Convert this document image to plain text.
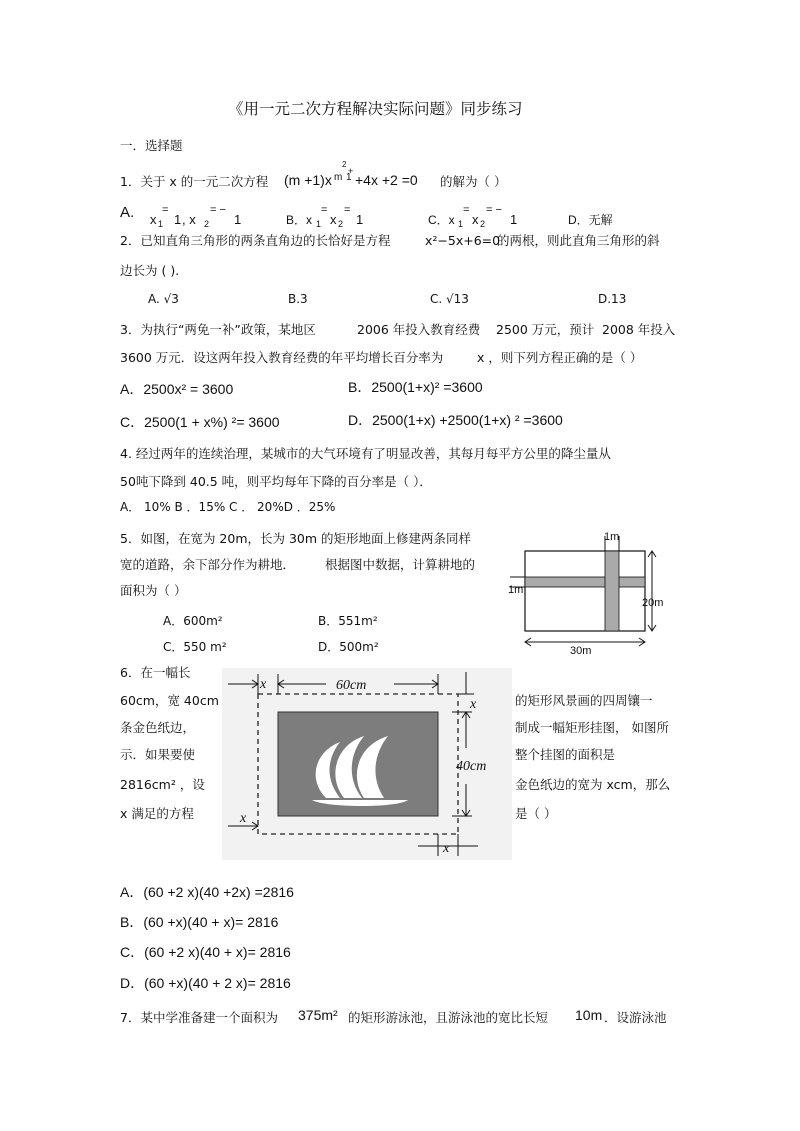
《用一元二次方程解决实际问题》同步练习
一．选择题
1．关于 x 的一元二次方程 (m +1)x m
2
+
1 +4x +2 =0 的解为（ ）
A. x 1
=
1 , x 2
= −
1	B．x 1
=
x 2
=
1	C．x 1
=
x 2
= −
1	D．无解
2．已知直角三角形的两条直角边的长恰好是方程	x²−5x+6=0
的两根，则此直角三角形的斜
边长为 ( ).
A. √3	B.3	C. √13	D.13
3．为执行“两免一补”政策，某地区	2006 年投入教育经费 2500 万元，预计 2008 年投入
3600 万元．设这两年投入教育经费的年平均增长百分率为	x ，则下列方程正确的是（ ）
A．2500x² = 3600	B．2500(1+x)² =3600
C．2500(1 + x%) ²= 3600	D．2500(1+x) +2500(1+x) ² =3600
4. 经过两年的连续治理，某城市的大气环境有了明显改善，其每月每平方公里的降尘量从
50吨下降到 40.5 吨，则平均每年下降的百分率是（ ）．
A． 10% B ．15% C ． 20%D ．25%
5．如图，在宽为 20m，长为 30m 的矩形地面上修建两条同样
宽的道路，余下部分作为耕地． 根据图中数据，计算耕地的
面积为（ ）
A．600m²	B．551m²
C．550 m²	D．500m²
1m
1m
20m
30m
6．在一幅长
60cm，宽 40cm
条金色纸边，
示．如果要使
2816cm² ，设
x 满足的方程
的矩形风景画的四周镶一
制成一幅矩形挂图， 如图所
整个挂图的面积是
金色纸边的宽为 xcm，那么
是（ ）
60cm
x
x
40cm
x
x
A．(60 +2 x)(40 +2x) =2816
B．(60 +x)(40 + x)= 2816
C．(60 +2 x)(40 + x)= 2816
D．(60 +x)(40 + 2 x)= 2816
7．某中学准备建一个面积为 375m² 的矩形游泳池，且游泳池的宽比长短 10m ．设游泳池
